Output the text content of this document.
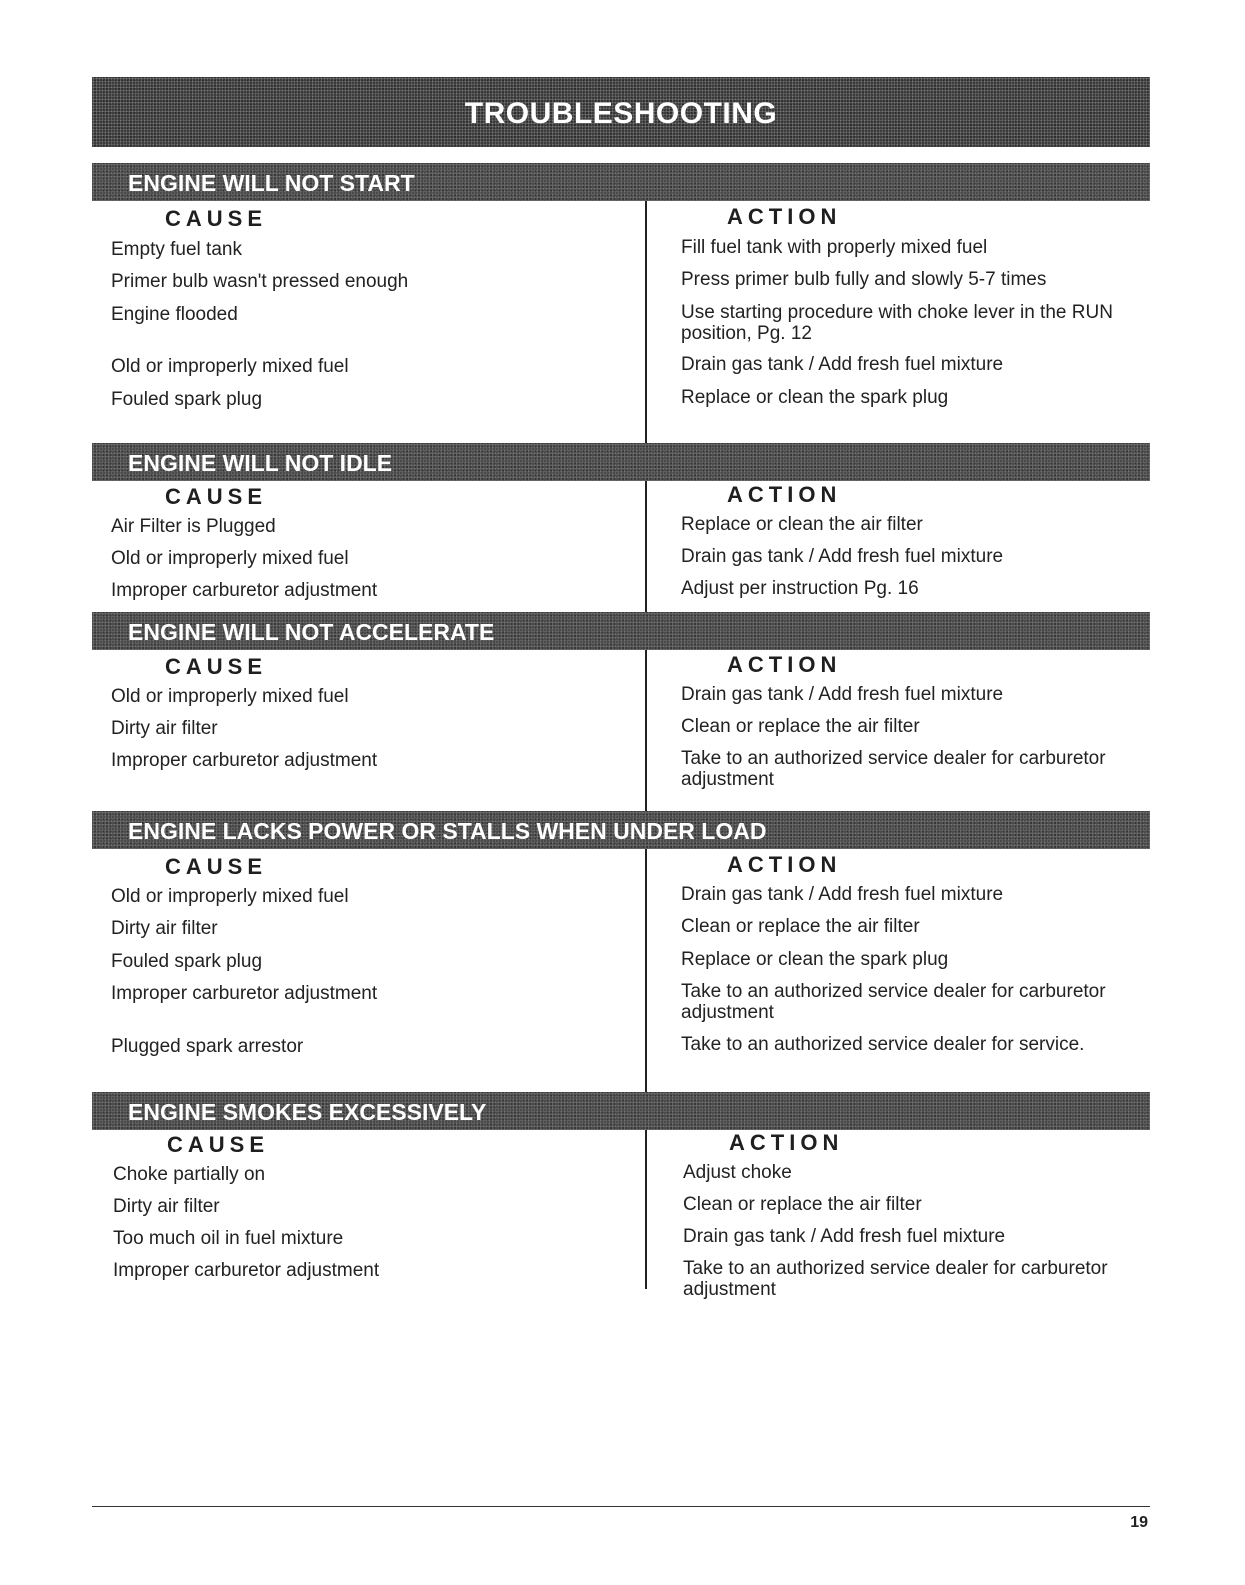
TROUBLESHOOTING
ENGINE WILL NOT START
CAUSE	ACTION

Empty fuel tank	Fill fuel tank with properly mixed fuel

Primer bulb wasn't pressed enough	Press primer bulb fully and slowly 5-7 times

Engine flooded	Use starting procedure with choke lever in the RUN position, Pg. 12

Old or improperly mixed fuel	Drain gas tank / Add fresh fuel mixture

Fouled spark plug	Replace or clean the spark plug

ENGINE WILL NOT IDLE
CAUSE	ACTION

Air Filter is Plugged	Replace or clean the air filter

Old or improperly mixed fuel	Drain gas tank / Add fresh fuel mixture

Improper carburetor adjustment	Adjust per instruction Pg. 16

ENGINE WILL NOT ACCELERATE
CAUSE	ACTION

Old or improperly mixed fuel	Drain gas tank / Add fresh fuel mixture

Dirty air filter	Clean or replace the air filter

Improper carburetor adjustment	Take to an authorized service dealer for carburetor adjustment

ENGINE LACKS POWER OR STALLS WHEN UNDER LOAD
CAUSE	ACTION

Old or improperly mixed fuel	Drain gas tank / Add fresh fuel mixture

Dirty air filter	Clean or replace the air filter

Fouled spark plug	Replace or clean the spark plug

Improper carburetor adjustment	Take to an authorized service dealer for carburetor adjustment

Plugged spark arrestor	Take to an authorized service dealer for service.

ENGINE SMOKES EXCESSIVELY
CAUSE	ACTION

Choke partially on	Adjust choke

Dirty air filter	Clean or replace the air filter

Too much oil in fuel mixture	Drain gas tank / Add fresh fuel mixture

Improper carburetor adjustment	Take to an authorized service dealer for carburetor adjustment

19
